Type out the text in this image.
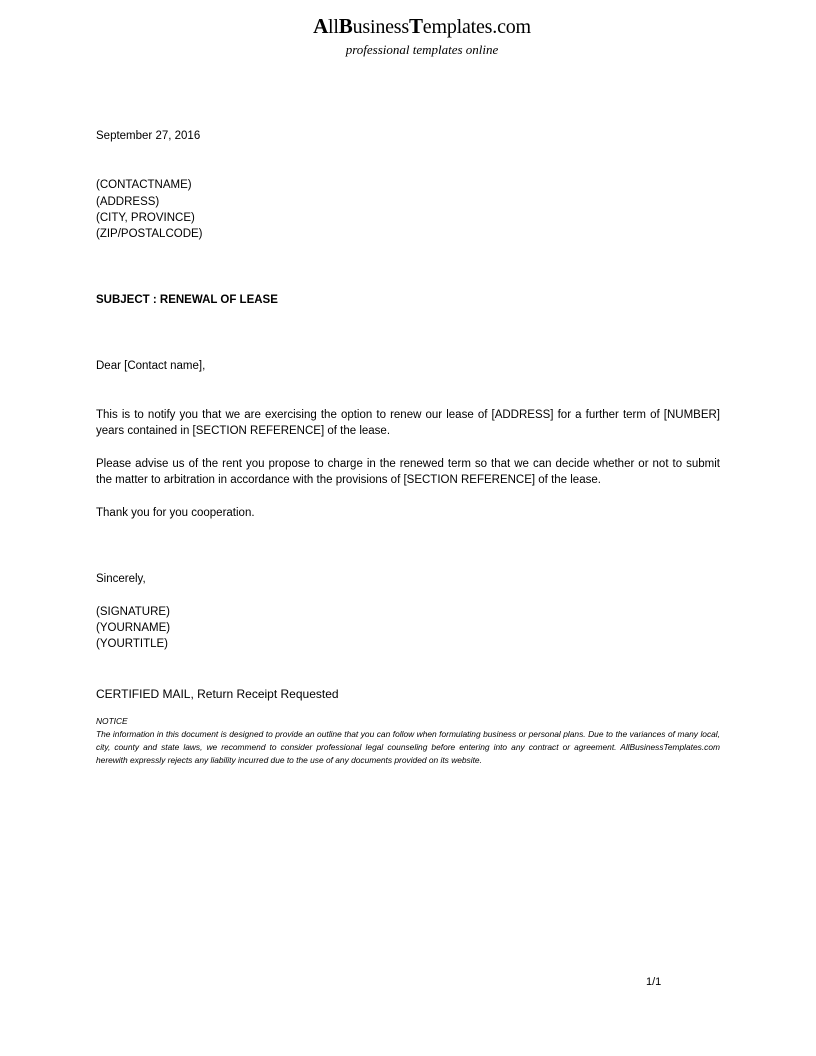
AllBusinessTemplates.com
professional templates online
September 27, 2016
(CONTACTNAME)
(ADDRESS)
(CITY, PROVINCE)
(ZIP/POSTALCODE)
SUBJECT : RENEWAL OF LEASE
Dear [Contact name],

This is to notify you that we are exercising the option to renew our lease of [ADDRESS] for a further term of [NUMBER] years contained in [SECTION REFERENCE] of the lease.

Please advise us of the rent you propose to charge in the renewed term so that we can decide whether or not to submit the matter to arbitration in accordance with the provisions of [SECTION REFERENCE] of the lease.

Thank you for you cooperation.

Sincerely,
(SIGNATURE)
(YOURNAME)
(YOURTITLE)
CERTIFIED MAIL, Return Receipt Requested
NOTICE
The information in this document is designed to provide an outline that you can follow when formulating business or personal plans. Due to the variances of many local, city, county and state laws, we recommend to consider professional legal counseling before entering into any contract or agreement. AllBusinessTemplates.com herewith expressly rejects any liability incurred due to the use of any documents provided on its website.
1/1
